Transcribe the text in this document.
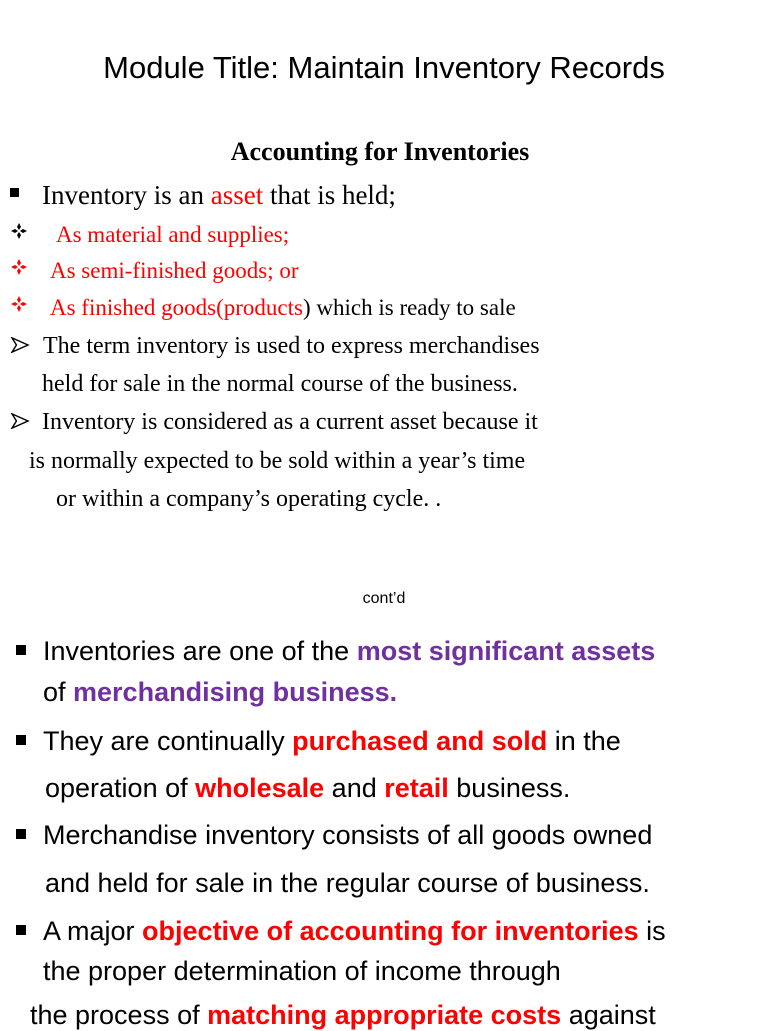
Module Title: Maintain Inventory Records
Accounting for Inventories
Inventory is an asset that is held;
As material and supplies;
As semi-finished goods; or
As finished goods(products) which is ready to sale
The term inventory is used to express merchandises
held for sale in the normal course of the business.
Inventory is considered as a current asset because it
is normally expected to be sold within a year’s time
or within a company’s operating cycle. .
cont’d
Inventories are one of the most significant assets
of merchandising business.
They are continually purchased and sold in the
operation of wholesale and retail business.
Merchandise inventory consists of all goods owned
and held for sale in the regular course of business.
A major objective of accounting for inventories is
the proper determination of income through
the process of matching appropriate costs against
